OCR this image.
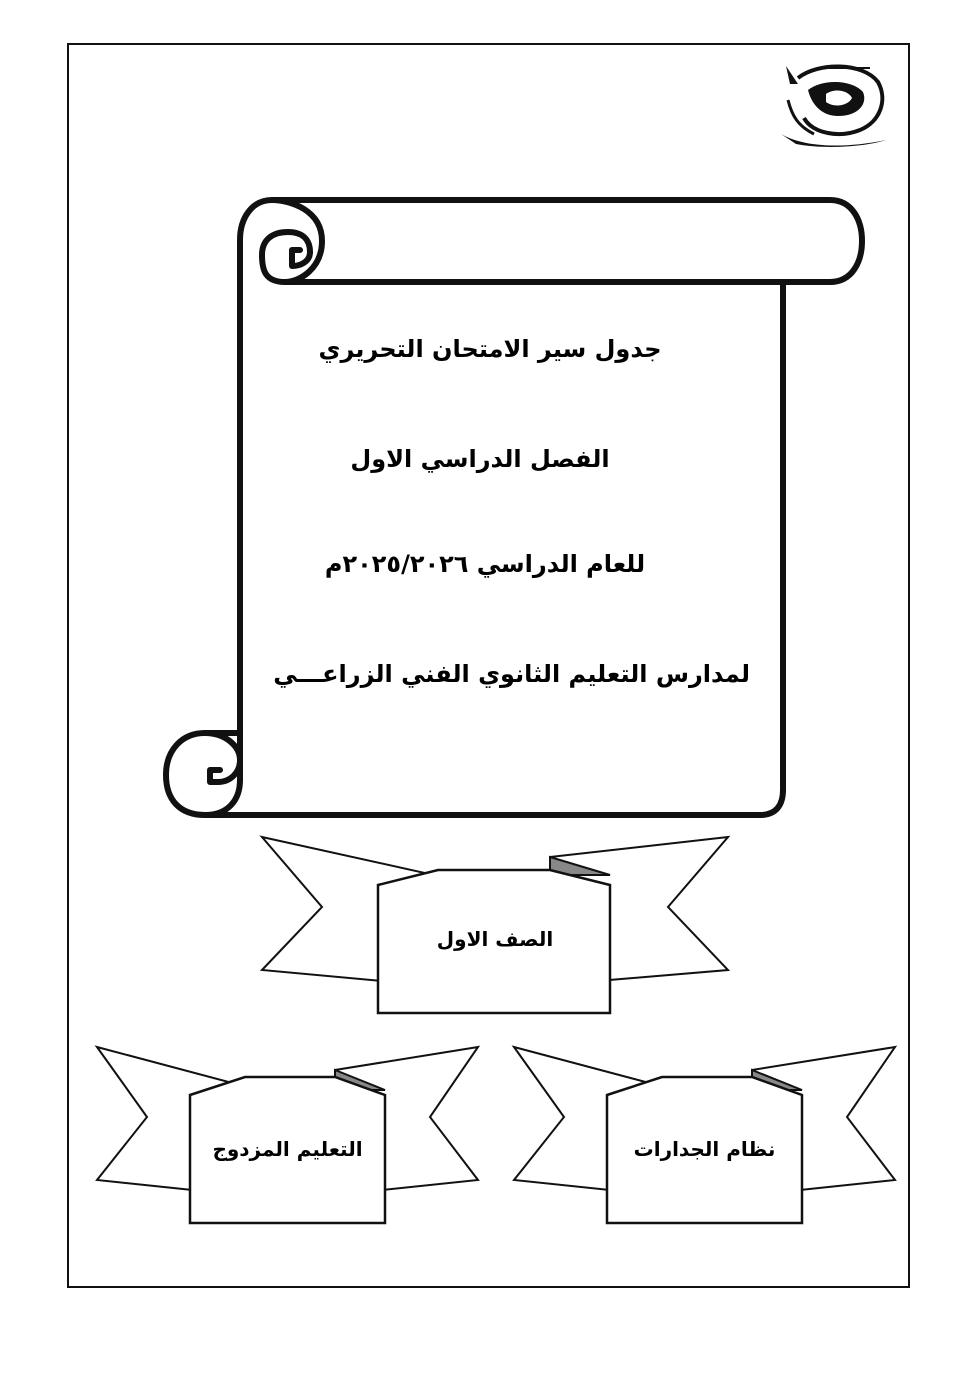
جدول سير الامتحان التحريري
الفصل الدراسي الاول
للعام الدراسي ٢٠٢٥/٢٠٢٦م
لمدارس التعليم الثانوي الفني الزراعـــي
الصف الاول
التعليم المزدوج	نظام الجدارات
